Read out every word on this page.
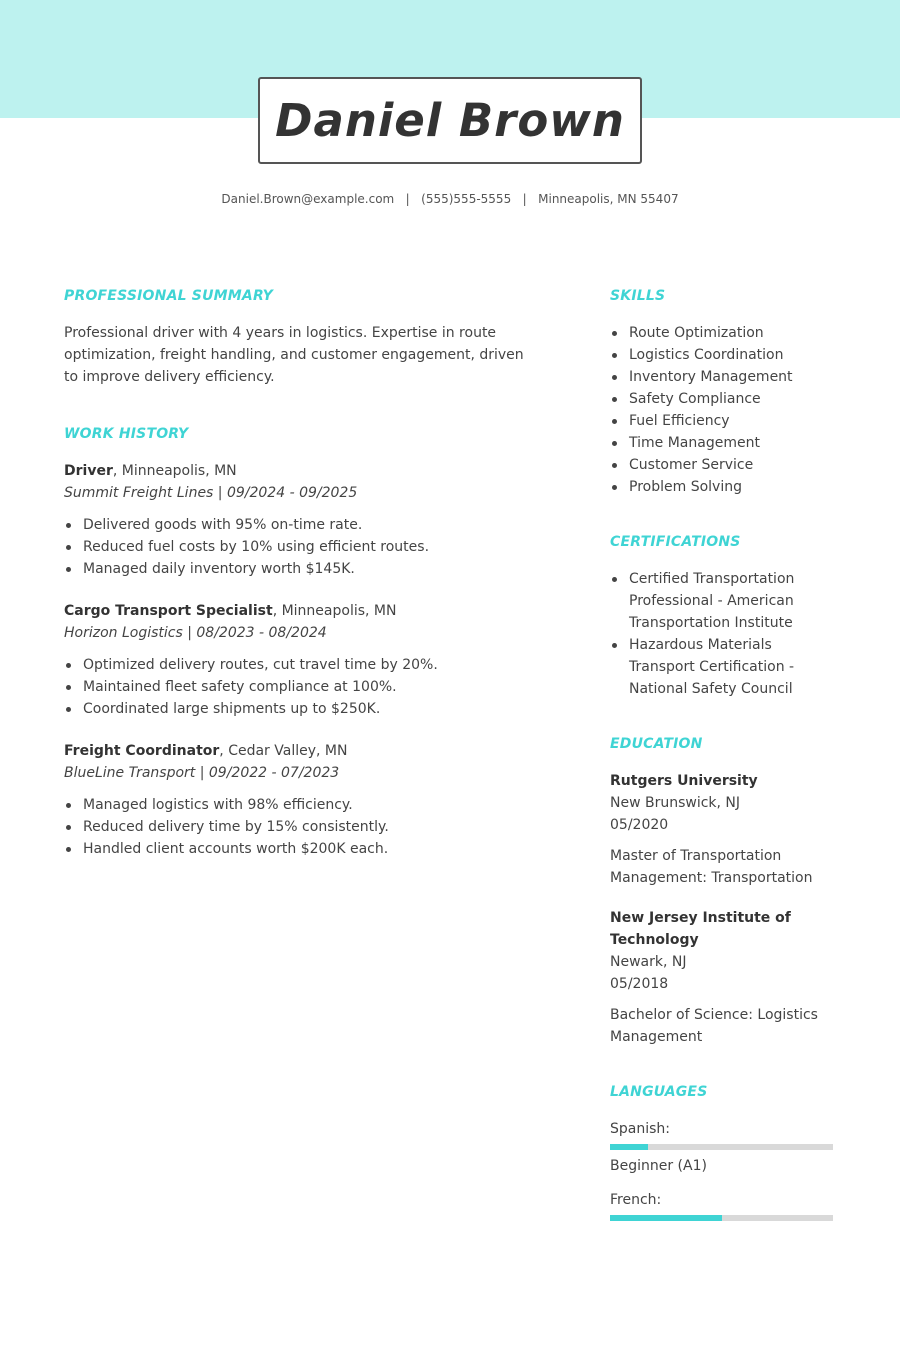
Daniel Brown
Daniel.Brown@example.com   |   (555)555-5555   |   Minneapolis, MN 55407
PROFESSIONAL SUMMARY

Professional driver with 4 years in logistics. Expertise in route optimization, freight handling, and customer engagement, driven to improve delivery efficiency.

WORK HISTORY
Driver, Minneapolis, MN
Summit Freight Lines | 09/2024 - 09/2025
Delivered goods with 95% on-time rate.
Reduced fuel costs by 10% using efficient routes.
Managed daily inventory worth $145K.
Cargo Transport Specialist, Minneapolis, MN
Horizon Logistics | 08/2023 - 08/2024
Optimized delivery routes, cut travel time by 20%.
Maintained fleet safety compliance at 100%.
Coordinated large shipments up to $250K.
Freight Coordinator, Cedar Valley, MN
BlueLine Transport | 09/2022 - 07/2023
Managed logistics with 98% efficiency.
Reduced delivery time by 15% consistently.
Handled client accounts worth $200K each.
SKILLS
Route Optimization
Logistics Coordination
Inventory Management
Safety Compliance
Fuel Efficiency
Time Management
Customer Service
Problem Solving
CERTIFICATIONS
Certified Transportation Professional - American Transportation Institute
Hazardous Materials Transport Certification - National Safety Council
EDUCATION
Rutgers University
New Brunswick, NJ
05/2020
Master of Transportation Management: Transportation
New Jersey Institute of Technology
Newark, NJ
05/2018
Bachelor of Science: Logistics Management
LANGUAGES
Spanish:
Beginner (A1)
French:
